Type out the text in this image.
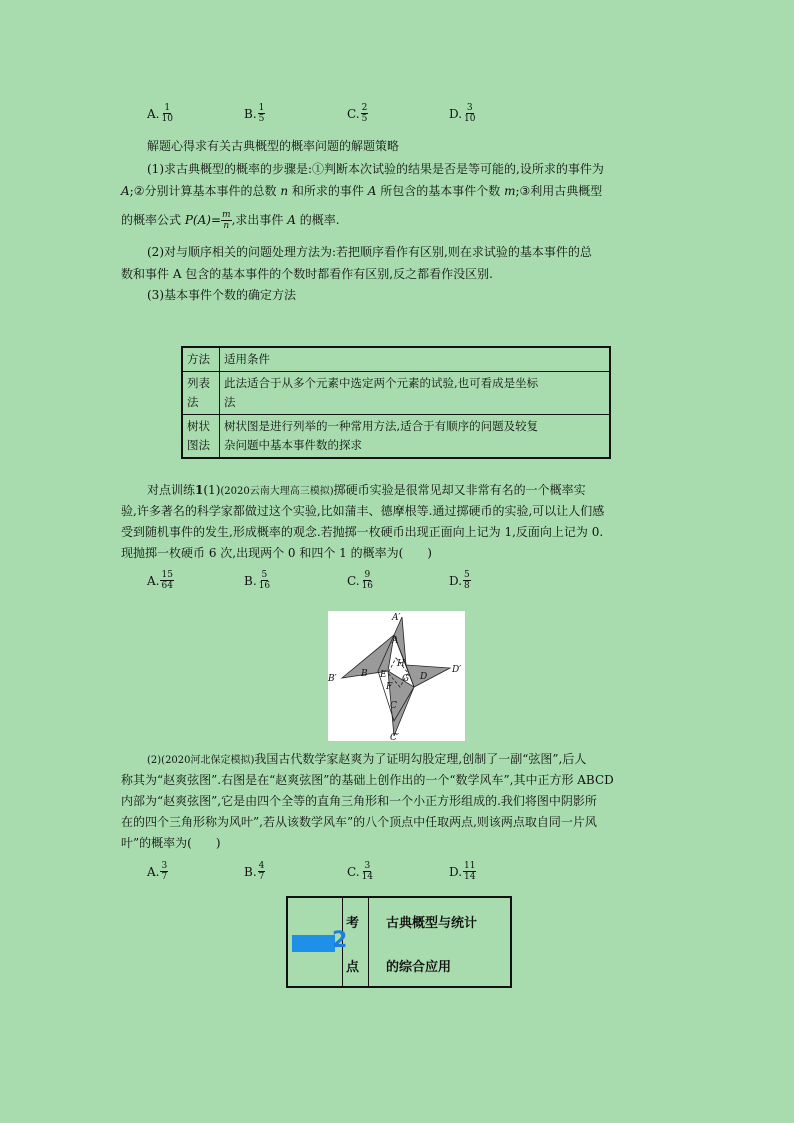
A. $\frac{1}{10}$	B. $\frac{1}{5}$	C. $\frac{2}{5}$	D. $\frac{3}{10}$
解题心得求有关古典概型的概率问题的解题策略
(1)求古典概型的概率的步骤是:①判断本次试验的结果是否是等可能的,设所求的事件为
A;②分别计算基本事件的总数 n 和所求的事件 A 所包含的基本事件个数 m;③利用古典概型
的概率公式
$P(A)= \frac{m}{n}$ ,求出事件
A
的概率.
(2)对与顺序相关的问题处理方法为:若把顺序看作有区别,则在求试验的基本事件的总
数和事件 A 包含的基本事件的个数时都看作有区别,反之都看作没区别.
(3)基本事件个数的确定方法
方法	适用条件
列表
法	此法适合于从多个元素中选定两个元素的试验,也可看成是坐标
法
树状
图法	树状图是进行列举的一种常用方法,适合于有顺序的问题及较复
杂问题中基本事件数的探求
对点训练1(1)(2020云南大理高三模拟)掷硬币实验是很常见却又非常有名的一个概率实
验,许多著名的科学家都做过这个实验,比如蒲丰、德摩根等.通过掷硬币的实验,可以让人们感
受到随机事件的发生,形成概率的观念.若抛掷一枚硬币出现正面向上记为 1,反面向上记为 0.
现抛掷一枚硬币 6 次,出现两个 0 和四个 1 的概率为(　　)
A. $\frac{15}{64}$	B. $\frac{5}{16}$	C. $\frac{9}{16}$	D. $\frac{5}{8}$
A′
A
H
D′
B′	B E G D
F
C
C′
(2)(2020河北保定模拟)我国古代数学家赵爽为了证明勾股定理,创制了一副“弦图”,后人
称其为“赵爽弦图”.右图是在“赵爽弦图”的基础上创作出的一个“数学风车”,其中正方形 ABCD
内部为“赵爽弦图”,它是由四个全等的直角三角形和一个小正方形组成的.我们将图中阴影所
在的四个三角形称为风叶”,若从该数学风车”的八个顶点中任取两点,则该两点取自同一片风
叶”的概率为(　　)
A. $\frac{3}{7}$	B. $\frac{4}{7}$	C. $\frac{3}{14}$	D. $\frac{11}{14}$
2
考
点
古典概型与统计
的综合应用
